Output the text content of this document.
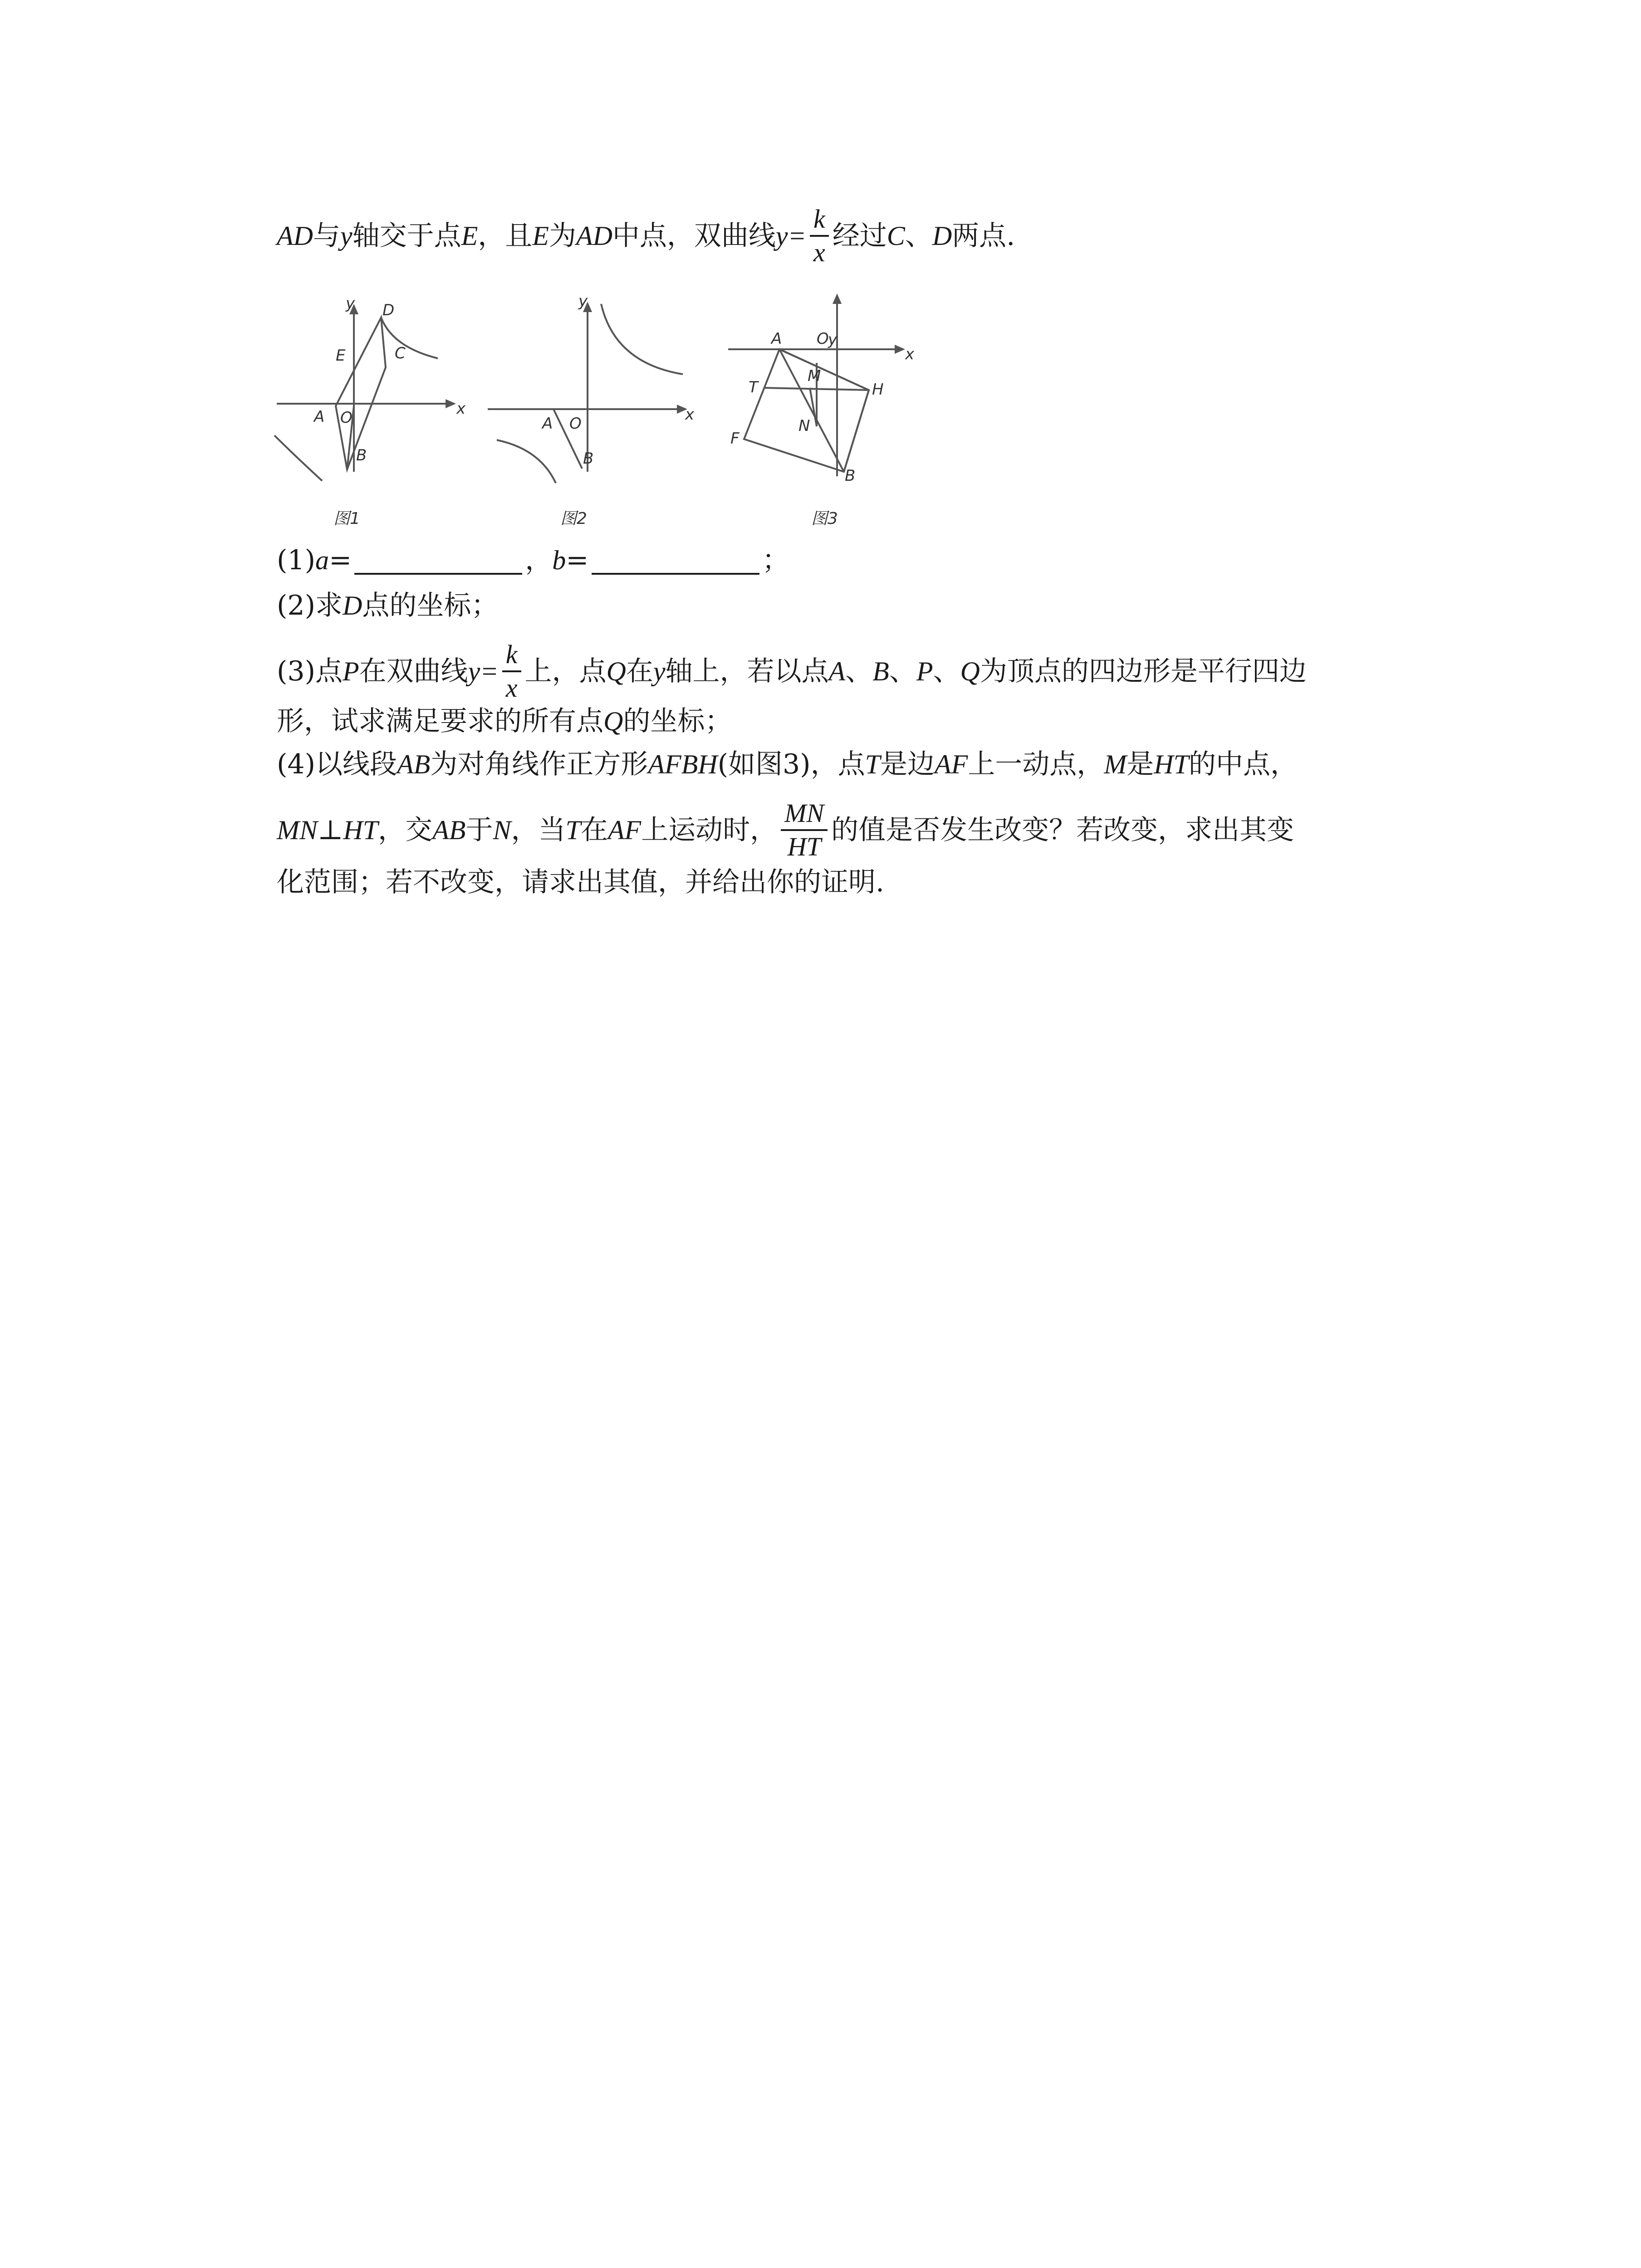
AD 与 y 轴交于点 E ，且 E 为 AD 中点，双曲线 $y= \frac{k}{x}$ 经过 C 、 D 两点.
y
x
D
C
E
A O
B
图1
y
x
A O
B
图2
y
x
A O
T
M
H
N
F
B
图3
(1) a =	， b =	；
(2)求 D 点的坐标；
(3)点 P 在双曲线 $y= \frac{k}{x}$ 上，点 Q 在 y 轴上，若以点 A 、 B 、 P 、 Q 为顶点的四边形是平行四边
形，试求满足要求的所有点 Q 的坐标；
(4)以线段 AB 为对角线作正方形 AFBH (如图3)，点 T 是边 AF 上一动点， M 是 HT 的中点，
MN ⊥ HT ，交 AB 于 N ，当 T 在 AF 上运动时， $\frac{MN}{HT}$ 的值是否发生改变？若改变，求出其变
化范围；若不改变，请求出其值，并给出你的证明.
